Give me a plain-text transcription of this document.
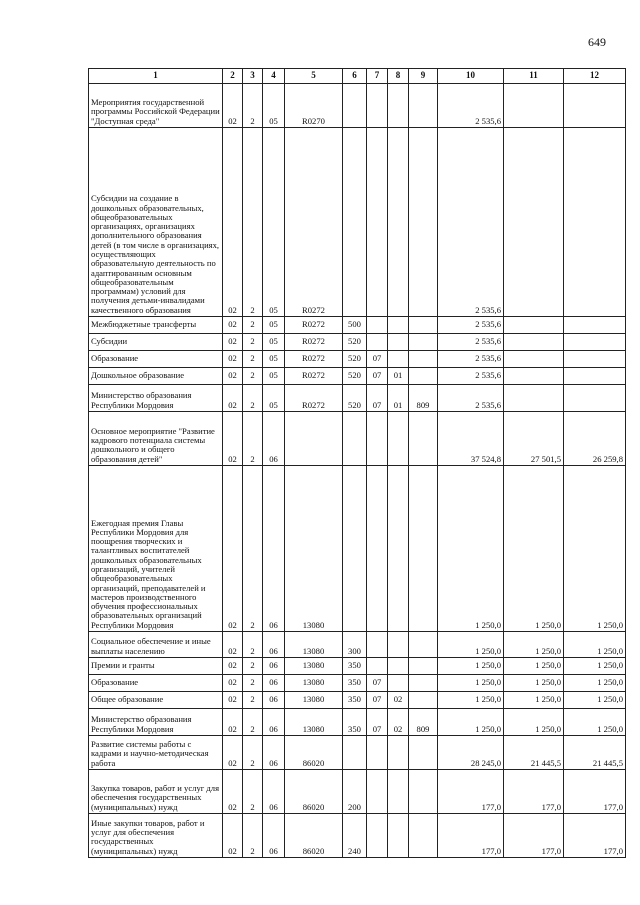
649
1	2	3	4	5	6	7	8	9	10	11	12
Мероприятия государственной программы Российской Федерации "Доступная среда"	02	2	05	R0270					2 535,6		
Субсидии на создание в дошкольных образовательных, общеобразовательных организациях, организациях дополнительного образования детей (в том числе в организациях, осуществляющих образовательную деятельность по адаптированным основным общеобразовательным программам) условий для получения детьми-инвалидами качественного образования	02	2	05	R0272					2 535,6		
Межбюджетные трансферты	02	2	05	R0272	500				2 535,6		
Субсидии	02	2	05	R0272	520				2 535,6		
Образование	02	2	05	R0272	520	07			2 535,6		
Дошкольное образование	02	2	05	R0272	520	07	01		2 535,6		
Министерство образования Республики Мордовия	02	2	05	R0272	520	07	01	809	2 535,6		
Основное мероприятие "Развитие кадрового потенциала системы дошкольного и общего образования детей"	02	2	06						37 524,8	27 501,5	26 259,8
Ежегодная премия Главы Республики Мордовия для поощрения творческих и талантливых воспитателей дошкольных образовательных организаций, учителей общеобразовательных организаций, преподавателей и мастеров производственного обучения профессиональных образовательных организаций Республики Мордовия	02	2	06	13080					1 250,0	1 250,0	1 250,0
Социальное обеспечение и иные выплаты населению	02	2	06	13080	300				1 250,0	1 250,0	1 250,0
Премии и гранты	02	2	06	13080	350				1 250,0	1 250,0	1 250,0
Образование	02	2	06	13080	350	07			1 250,0	1 250,0	1 250,0
Общее образование	02	2	06	13080	350	07	02		1 250,0	1 250,0	1 250,0
Министерство образования Республики Мордовия	02	2	06	13080	350	07	02	809	1 250,0	1 250,0	1 250,0
Развитие системы работы с кадрами и научно-методическая работа	02	2	06	86020					28 245,0	21 445,5	21 445,5
Закупка товаров, работ и услуг для обеспечения государственных (муниципальных) нужд	02	2	06	86020	200				177,0	177,0	177,0
Иные закупки товаров, работ и услуг для обеспечения государственных (муниципальных) нужд	02	2	06	86020	240				177,0	177,0	177,0
